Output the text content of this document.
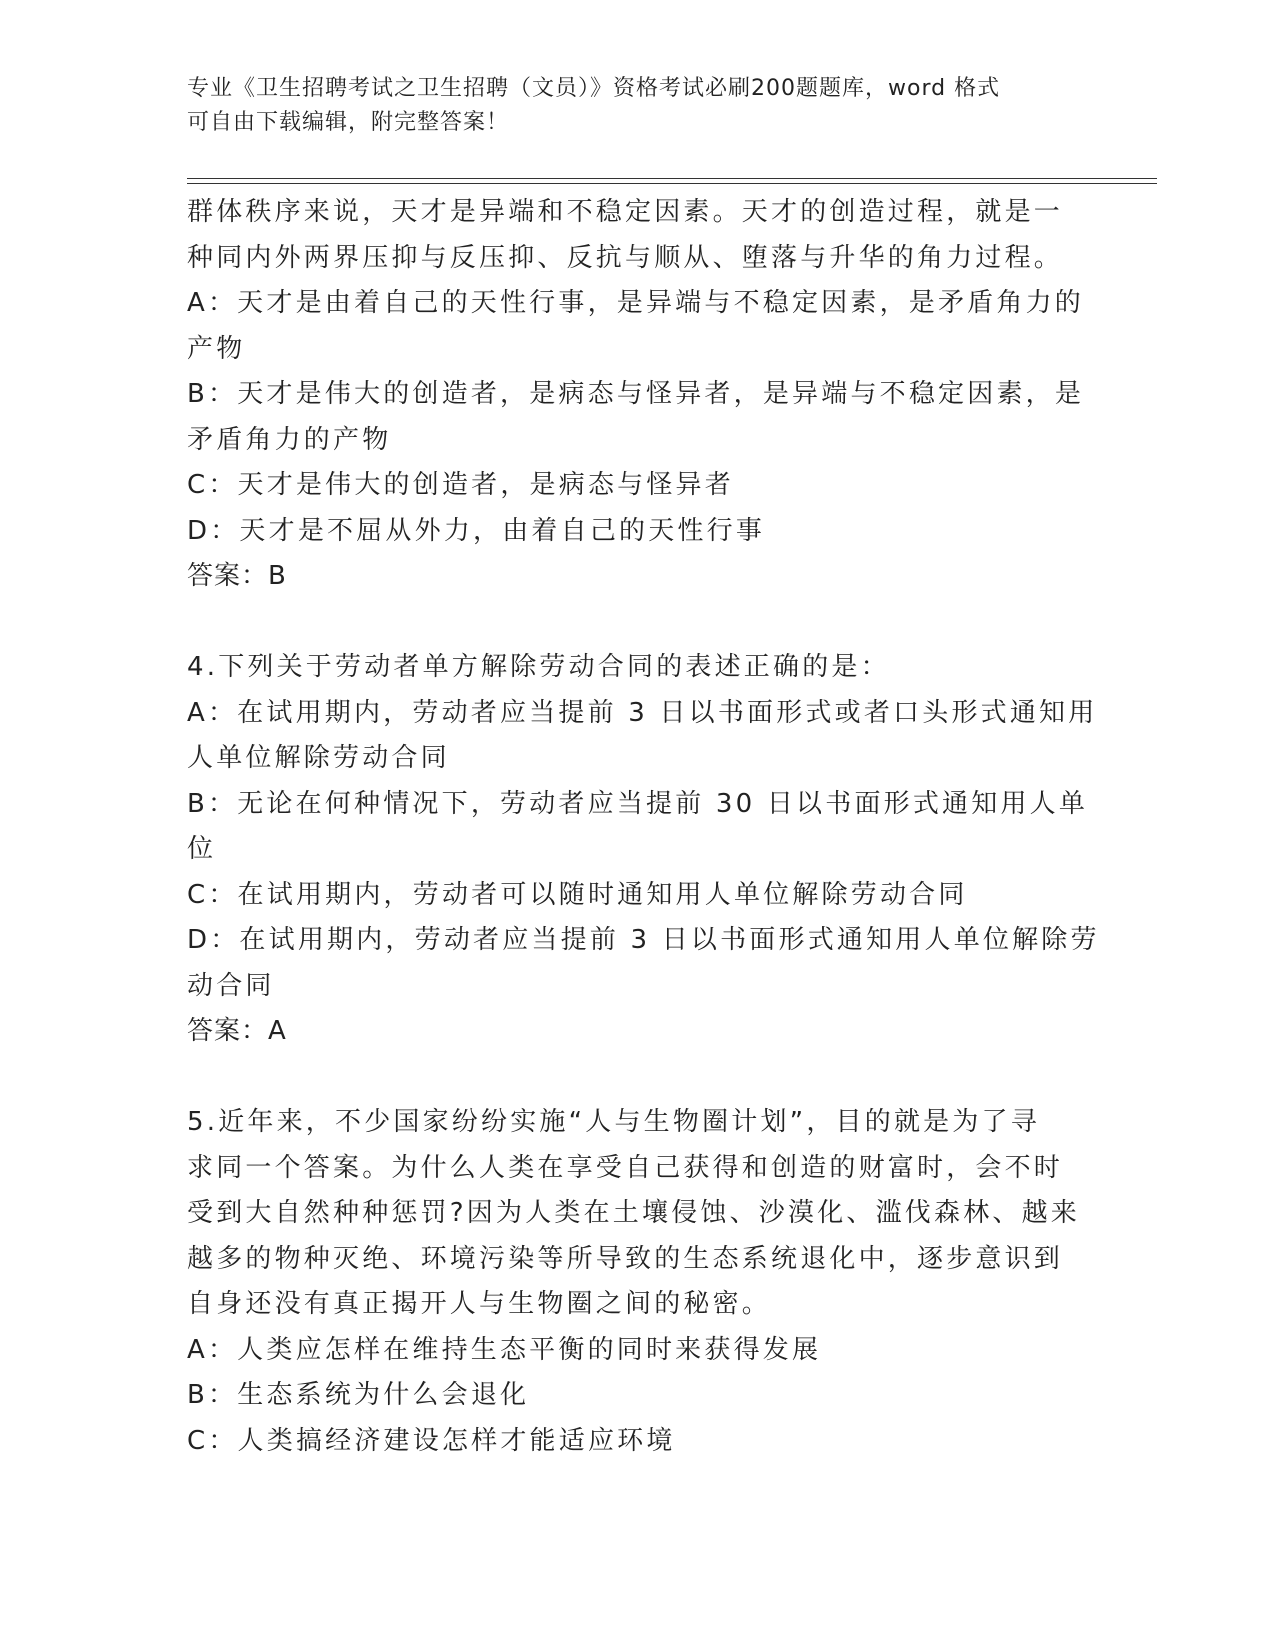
专业《卫生招聘考试之卫生招聘（文员）》资格考试必刷200题题库，word 格式
可自由下载编辑，附完整答案！
群体秩序来说，天才是异端和不稳定因素。天才的创造过程，就是一
种同内外两界压抑与反压抑、反抗与顺从、堕落与升华的角力过程。
A：天才是由着自己的天性行事，是异端与不稳定因素，是矛盾角力的
产物
B：天才是伟大的创造者，是病态与怪异者，是异端与不稳定因素，是
矛盾角力的产物
C：天才是伟大的创造者，是病态与怪异者
D：天才是不屈从外力，由着自己的天性行事
答案：B
4.下列关于劳动者单方解除劳动合同的表述正确的是：
A：在试用期内，劳动者应当提前 3 日以书面形式或者口头形式通知用
人单位解除劳动合同
B：无论在何种情况下，劳动者应当提前 30 日以书面形式通知用人单
位
C：在试用期内，劳动者可以随时通知用人单位解除劳动合同
D：在试用期内，劳动者应当提前 3 日以书面形式通知用人单位解除劳
动合同
答案：A
5.近年来，不少国家纷纷实施“人与生物圈计划”，目的就是为了寻
求同一个答案。为什么人类在享受自己获得和创造的财富时，会不时
受到大自然种种惩罚?因为人类在土壤侵蚀、沙漠化、滥伐森林、越来
越多的物种灭绝、环境污染等所导致的生态系统退化中，逐步意识到
自身还没有真正揭开人与生物圈之间的秘密。
A：人类应怎样在维持生态平衡的同时来获得发展
B：生态系统为什么会退化
C：人类搞经济建设怎样才能适应环境
